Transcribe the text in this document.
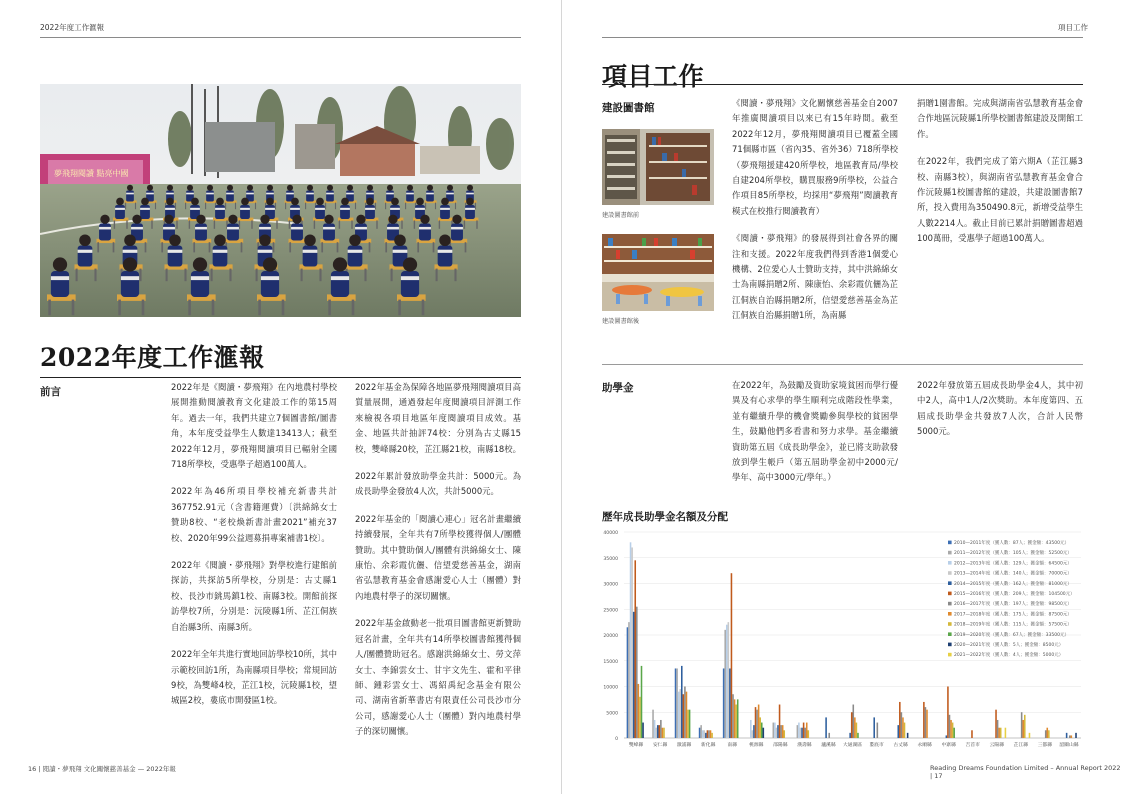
2022年度工作滙報
夢飛翔閱讀 點亮中國
2022年度工作滙報
前言	2022年是《閱讀・夢飛翔》在內地農村學校展開推動閱讀教育文化建設工作的第15周年。過去一年，我們共建立7個圖書館/圖書角，本年度受益學生人數達13413人；截至2022年12月，夢飛翔閱讀項目已輻射全國718所學校，受惠學子超過100萬人。

2022年為46所項目學校補充新書共計367752.91元（含書籍運費）〔洪綿綿女士贊助8校、“老校煥新書計畫2021”補充37校、2020年99公益週募捐專案補書1校〕。

2022年《閱讀・夢飛翔》對學校進行建館前探訪，共探訪5所學校，分別是：古丈縣1校、長沙市銚馬鎮1校、南縣3校。開館前探訪學校7所，分別是：沅陵縣1所、芷江侗族自治縣3所、南縣3所。

2022年全年共進行實地回訪學校10所，其中示範校回訪1所，為南縣項目學校；常規回訪9校，為雙峰4校，芷江1校，沅陵縣1校，望城區2校，婁底市開發區1校。

2022年基金為保障各地區夢飛翔閱讀項目高質量展開，通過發起年度閱讀項目評測工作來檢視各項目地區年度閱讀項目成效。基金、地區共計抽評74校：分別為古丈縣15校，雙峰縣20校，芷江縣21校，南縣18校。

2022年累計發放助學金共計：5000元。為成長助學金發放4人次，共計5000元。

2022年基金的「閱讀心連心」冠名計畫繼續持續發展，全年共有7所學校獲得個人/團體贊助。其中贊助個人/團體有洪綿綿女士、陳康怡、余彩霞伉儷、信望愛慈善基金，湖南省弘慧教育基金會感謝愛心人士（團體）對內地農村學子的深切關懷。

2022年基金啟動老一批項目圖書館更新贊助冠名計畫，全年共有14所學校圖書館獲得個人/團體贊助冠名。感謝洪綿綿女士、勞文萍女士、李錦雲女士、甘宇文先生、霍和平律師、鍾彩雲女士、馮紹禹紀念基金有限公司、湖南省新華書店有限責任公司長沙市分公司，感謝愛心人士（團體）對內地農村學子的深切關懷。

16 | 閱讀・夢飛翔 文化關懷慈善基金 — 2022年報
項目工作
Reading Dreams Foundation Limited – Annual Report 2022 | 17
項目工作
建設圖書館
建設圖書館前
建設圖書館後

《閱讀・夢飛翔》文化關懷慈善基金自2007年推廣閱讀項目以來已有15年時間。截至2022年12月，夢飛翔閱讀項目已覆蓋全國71個縣市區（省內35、省外36）718所學校（夢飛翔援建420所學校，地區教育局/學校自建204所學校，購買服務9所學校，公益合作項目85所學校，均採用“夢飛翔”閱讀教育模式在校推行閱讀教育）

《閱讀・夢飛翔》的發展得到社會各界的關注和支援。2022年度我們得到香港1個愛心機構、2位愛心人士贊助支持，其中洪綿綿女士為南縣捐贈2所、陳康怡、余彩霞伉儷為芷江侗族自治縣捐贈2所，信望愛慈善基金為芷江侗族自治縣捐贈1所，為南縣

捐贈1園書館。完成與湖南省弘慧教育基金會合作地區沅陵縣1所學校圖書館建設及開館工作。

在2022年，我們完成了第六期A（芷江縣3校、南縣3校），與湖南省弘慧教育基金會合作沅陵縣1校圖書館的建設，共建設圖書館7所，投入費用為350490.8元，新增受益學生人數2214人。截止目前已累計捐贈圖書超過100萬冊，受惠學子超過100萬人。

助學金	在2022年，為鼓勵及資助家境貧困而學行優異及有心求學的學生順利完成階段性學業，並有繼續升學的機會獎勵參與學校的貧困學生，鼓勵他們多看書和努力求學。基金繼續資助第五屆《成長助學金》，並已將支助款發放到學生帳戶（第五屆助學金初中2000元/學年、高中3000元/學年。）

2022年發放第五屆成長助學金4人，其中初中2人，高中1人/2次獎助。本年度第四、五屆成長助學金共發放7人次，合計人民幣5000元。

歷年成長助學金名額及分配
0
5000
10000
15000
20000
25000
30000
35000
40000
雙峰縣 安仁縣 漵浦縣 新化縣	南縣	桃源縣 邵陽縣 漢壽縣 瀘溪縣 大通湖區 婁底市 古丈縣 永順縣 中寨縣 吉首市 云陽縣 芷江縣 三都縣 韶關山縣
2010—2011年度（獲人數：87人；獲金額：43500元）
2011—2012年度（獲人數：105人；獲金額：52500元）
2012—2013年度（獲人數：129人；獲金額：64500元）
2013—2014年度（獲人數：140人；獲金額：70000元）
2014—2015年度（獲人數：162人；獲金額：81000元）
2015—2016年度（獲人數：209人；獲金額：104500元）
2016—2017年度（獲人數：197人；獲金額：98500元）
2017—2018年度（獲人數：175人；獲金額：87500元）
2018—2019年度（獲人數：115人；獲金額：57500元）
2019—2020年度（獲人數：67人；獲金額：33500元）
2020—2021年度（獲人數：5人；獲金額：8500元）
2021—2022年度（獲人數：4人；獲金額：5000元）
